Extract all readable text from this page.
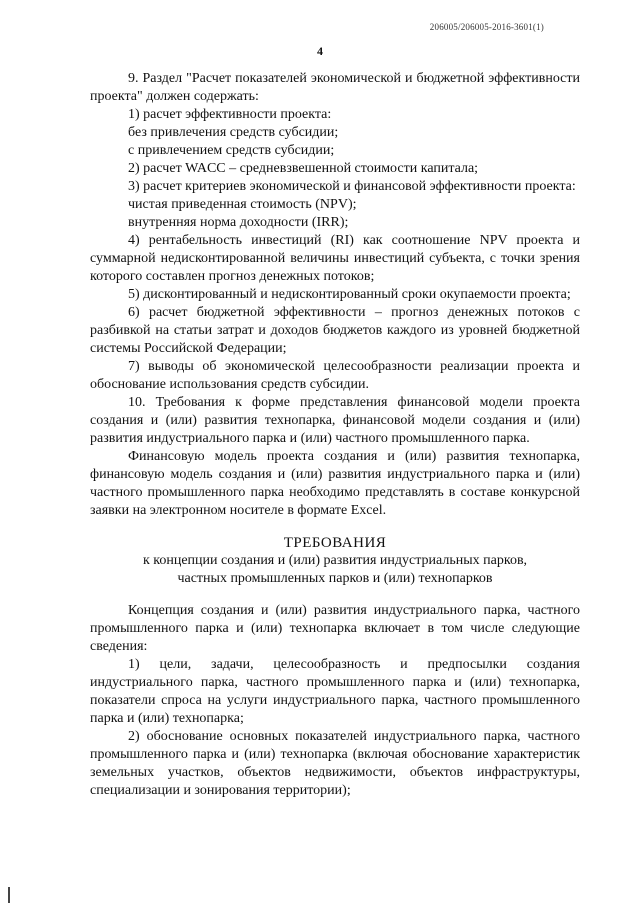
206005/206005-2016-3601(1)
4

9. Раздел "Расчет показателей экономической и бюджетной эффективности проекта" должен содержать:

1) расчет эффективности проекта:

без привлечения средств субсидии;

с привлечением средств субсидии;

2) расчет WACC – средневзвешенной стоимости капитала;

3) расчет критериев экономической и финансовой эффективности проекта:

чистая приведенная стоимость (NPV);

внутренняя норма доходности (IRR);

4) рентабельность инвестиций (RI) как соотношение NPV проекта и суммарной недисконтированной величины инвестиций субъекта, с точки зрения которого составлен прогноз денежных потоков;

5) дисконтированный и недисконтированный сроки окупаемости проекта;

6) расчет бюджетной эффективности – прогноз денежных потоков с разбивкой на статьи затрат и доходов бюджетов каждого из уровней бюджетной системы Российской Федерации;

7) выводы об экономической целесообразности реализации проекта и обоснование использования средств субсидии.

10. Требования к форме представления финансовой модели проекта создания и (или) развития технопарка, финансовой модели создания и (или) развития индустриального парка и (или) частного промышленного парка.

Финансовую модель проекта создания и (или) развития технопарка, финансовую модель создания и (или) развития индустриального парка и (или) частного промышленного парка необходимо представлять в составе конкурсной заявки на электронном носителе в формате Excel.

ТРЕБОВАНИЯ

к концепции создания и (или) развития индустриальных парков,

частных промышленных парков и (или) технопарков

Концепция создания и (или) развития индустриального парка, частного промышленного парка и (или) технопарка включает в том числе следующие сведения:

1) цели, задачи, целесообразность и предпосылки создания индустриального парка, частного промышленного парка и (или) технопарка, показатели спроса на услуги индустриального парка, частного промышленного парка и (или) технопарка;

2) обоснование основных показателей индустриального парка, частного промышленного парка и (или) технопарка (включая обоснование характеристик земельных участков, объектов недвижимости, объектов инфраструктуры, специализации и зонирования территории);
